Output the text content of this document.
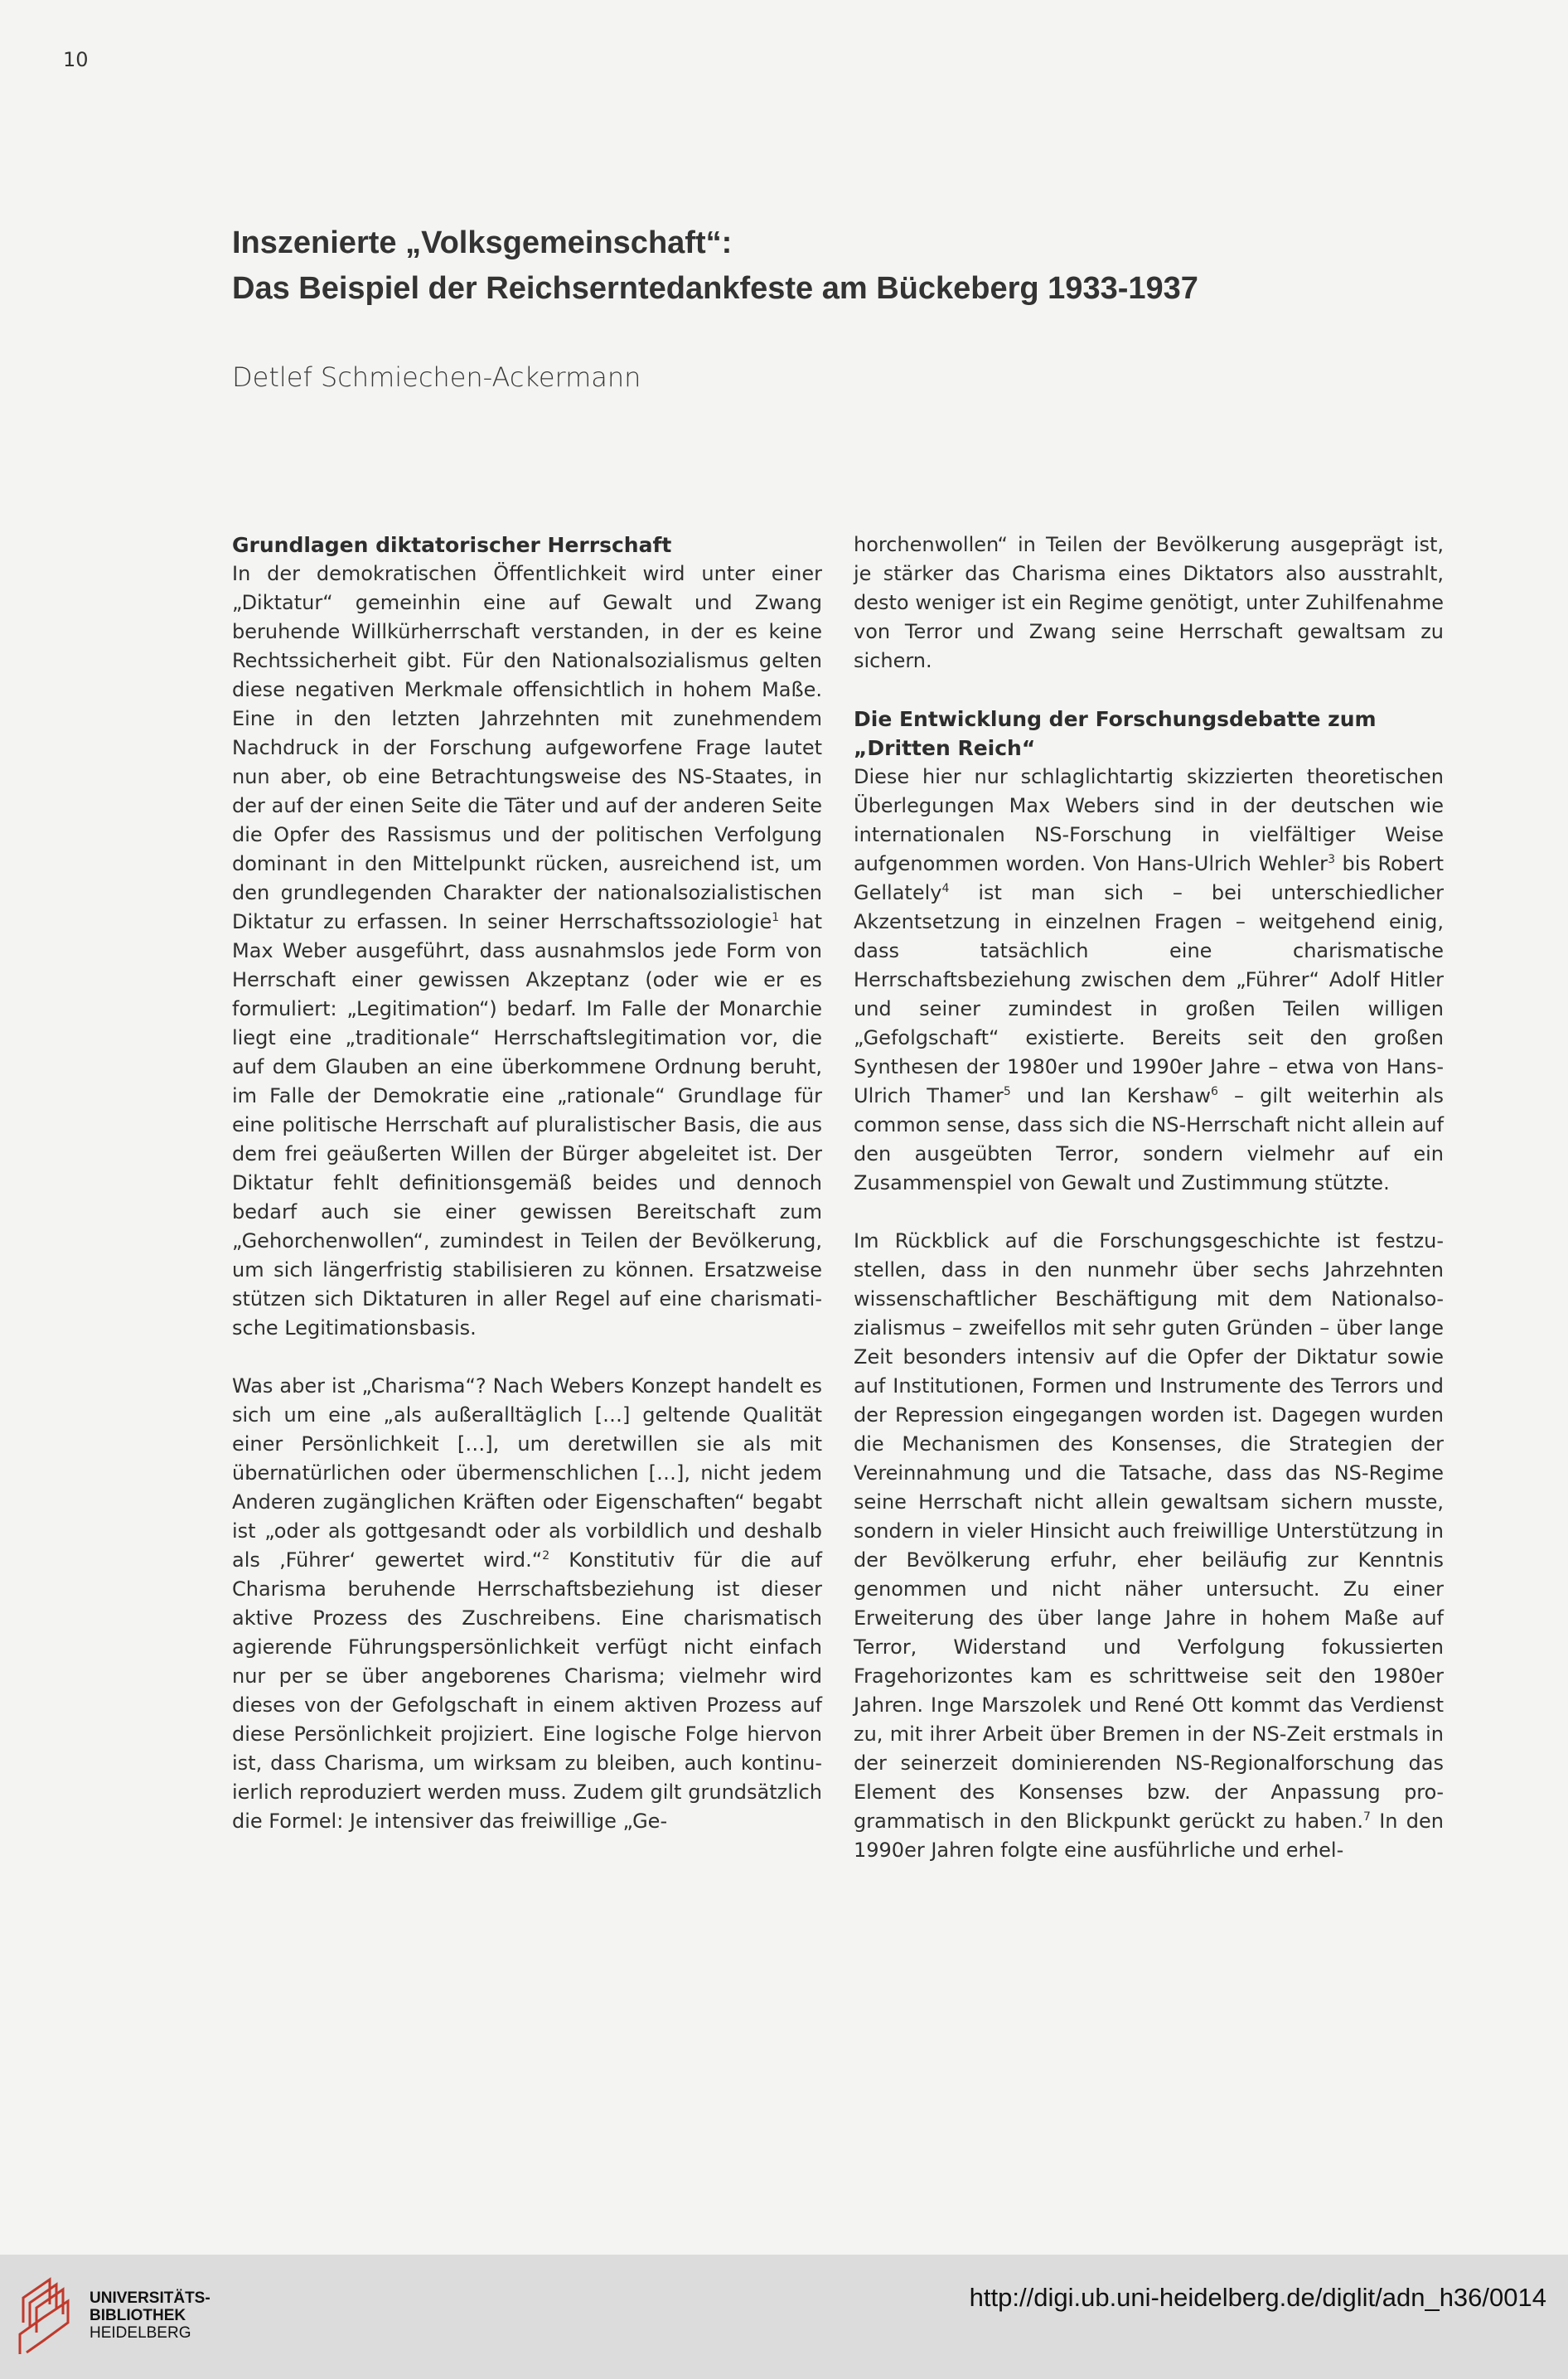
10
Inszenierte „Volksgemeinschaft“:
Das Beispiel der Reichserntedankfeste am Bückeberg 1933-1937
Detlef Schmiechen-Ackermann
Grundlagen diktatorischer Herrschaft

In der demokratischen Öffentlichkeit wird unter einer „Diktatur“ gemeinhin eine auf Gewalt und Zwang beruhende Willkürherrschaft verstanden, in der es keine Rechtssicherheit gibt. Für den Nationalsozialismus gelten diese negativen Merkmale offensichtlich in hohem Maße. Eine in den letzten Jahrzehnten mit zunehmendem Nachdruck in der Forschung aufgeworfene Frage lautet nun aber, ob eine Betrachtungsweise des NS-Staates, in der auf der einen Seite die Täter und auf der anderen Seite die Opfer des Rassismus und der politischen Verfolgung dominant in den Mittelpunkt rücken, ausreichend ist, um den grundlegenden Charakter der nationalsozialistischen Diktatur zu erfassen. In seiner Herrschaftssoziologie$^1$ hat Max Weber ausgeführt, dass ausnahmslos jede Form von Herrschaft einer gewissen Akzeptanz (oder wie er es formuliert: „Legitimation“) bedarf. Im Falle der Monarchie liegt eine „traditionale“ Herrschaftslegitimation vor, die auf dem Glauben an eine überkommene Ordnung beruht, im Falle der Demokratie eine „rationale“ Grundlage für eine politische Herrschaft auf pluralistischer Basis, die aus dem frei geäußerten Willen der Bürger abgeleitet ist. Der Diktatur fehlt definitionsgemäß beides und dennoch bedarf auch sie einer gewissen Bereitschaft zum „Gehorchenwollen“, zumindest in Teilen der Bevölkerung, um sich längerfristig stabilisieren zu können. Ersatzweise stützen sich Diktaturen in aller Regel auf eine charismatische Legitimationsbasis.

Was aber ist „Charisma“? Nach Webers Konzept handelt es sich um eine „als außeralltäglich […] geltende Qualität einer Persönlichkeit […], um deretwillen sie als mit übernatürlichen oder übermenschlichen […], nicht jedem Anderen zugänglichen Kräften oder Eigenschaften“ begabt ist „oder als gottgesandt oder als vorbildlich und deshalb als ‚Führer‘ gewertet wird.“$^2$ Konstitutiv für die auf Charisma beruhende Herrschaftsbeziehung ist dieser aktive Prozess des Zuschreibens. Eine charismatisch agierende Führungspersönlichkeit verfügt nicht einfach nur per se über angeborenes Charisma; vielmehr wird dieses von der Gefolgschaft in einem aktiven Prozess auf diese Persönlichkeit projiziert. Eine logische Folge hiervon ist, dass Charisma, um wirksam zu bleiben, auch kontinuierlich reproduziert werden muss. Zudem gilt grundsätzlich die Formel: Je intensiver das freiwillige „Ge-

horchenwollen“ in Teilen der Bevölkerung ausgeprägt ist, je stärker das Charisma eines Diktators also ausstrahlt, desto weniger ist ein Regime genötigt, unter Zuhilfenahme von Terror und Zwang seine Herrschaft gewaltsam zu sichern.

Die Entwicklung der Forschungsdebatte zum „Dritten Reich“

Diese hier nur schlaglichtartig skizzierten theoretischen Überlegungen Max Webers sind in der deutschen wie internationalen NS-Forschung in vielfältiger Weise aufgenommen worden. Von Hans-Ulrich Wehler$^3$ bis Robert Gellately$^4$ ist man sich – bei unterschiedlicher Akzentsetzung in einzelnen Fragen – weitgehend einig, dass tatsächlich eine charismatische Herrschaftsbeziehung zwischen dem „Führer“ Adolf Hitler und seiner zumindest in großen Teilen willigen „Gefolgschaft“ existierte. Bereits seit den großen Synthesen der 1980er und 1990er Jahre – etwa von Hans-Ulrich Thamer$^5$ und Ian Kershaw$^6$ – gilt weiterhin als common sense, dass sich die NS-Herrschaft nicht allein auf den ausgeübten Terror, sondern vielmehr auf ein Zusammenspiel von Gewalt und Zustimmung stützte.

Im Rückblick auf die Forschungsgeschichte ist festzustellen, dass in den nunmehr über sechs Jahrzehnten wissenschaftlicher Beschäftigung mit dem Nationalsozialismus – zweifellos mit sehr guten Gründen – über lange Zeit besonders intensiv auf die Opfer der Diktatur sowie auf Institutionen, Formen und Instrumente des Terrors und der Repression eingegangen worden ist. Dagegen wurden die Mechanismen des Konsenses, die Strategien der Vereinnahmung und die Tatsache, dass das NS-Regime seine Herrschaft nicht allein gewaltsam sichern musste, sondern in vieler Hinsicht auch freiwillige Unterstützung in der Bevölkerung erfuhr, eher beiläufig zur Kenntnis genommen und nicht näher untersucht. Zu einer Erweiterung des über lange Jahre in hohem Maße auf Terror, Widerstand und Verfolgung fokussierten Fragehorizontes kam es schrittweise seit den 1980er Jahren. Inge Marszolek und René Ott kommt das Verdienst zu, mit ihrer Arbeit über Bremen in der NS-Zeit erstmals in der seinerzeit dominierenden NS-Regionalforschung das Element des Konsenses bzw. der Anpassung programmatisch in den Blickpunkt gerückt zu haben.$^7$ In den 1990er Jahren folgte eine ausführliche und erhel-

UNIVERSITÄTS-
BIBLIOTHEK
HEIDELBERG
http://digi.ub.uni-heidelberg.de/diglit/adn_h36/0014
